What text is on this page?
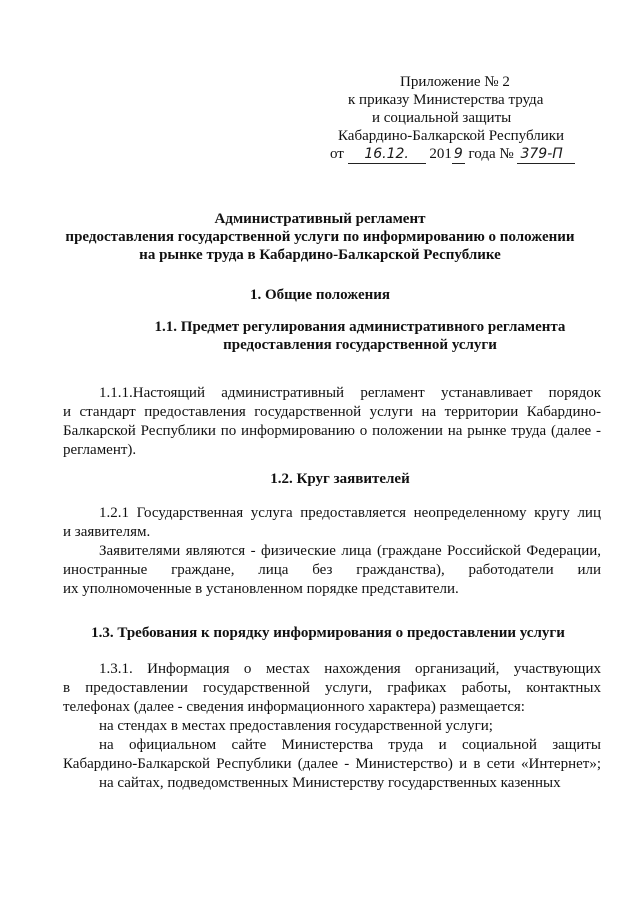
Приложение № 2
к приказу Министерства труда
и социальной защиты
Кабардино-Балкарской Республики
от 16.12. 201 9 года № 379-П
Административный регламент
предоставления государственной услуги по информированию о положении
на рынке труда в Кабардино-Балкарской Республике
1. Общие положения
1.1. Предмет регулирования административного регламента
предоставления государственной услуги
1.1.1.Настоящий административный регламент устанавливает порядок
и стандарт предоставления государственной услуги на территории Кабардино-
Балкарской Республики по информированию о положении на рынке труда (далее -
регламент).
1.2. Круг заявителей
1.2.1 Государственная услуга предоставляется неопределенному кругу лиц
и заявителям.
Заявителями являются - физические лица (граждане Российской Федерации,
иностранные граждане, лица без гражданства), работодатели или
их уполномоченные в установленном порядке представители.
1.3. Требования к порядку информирования о предоставлении услуги
1.3.1. Информация о местах нахождения организаций, участвующих
в предоставлении государственной услуги, графиках работы, контактных
телефонах (далее - сведения информационного характера) размещается:
на стендах в местах предоставления государственной услуги;
на официальном сайте Министерства труда и социальной защиты
Кабардино-Балкарской Республики (далее - Министерство) и в сети «Интернет»;
на сайтах, подведомственных Министерству государственных казенных
